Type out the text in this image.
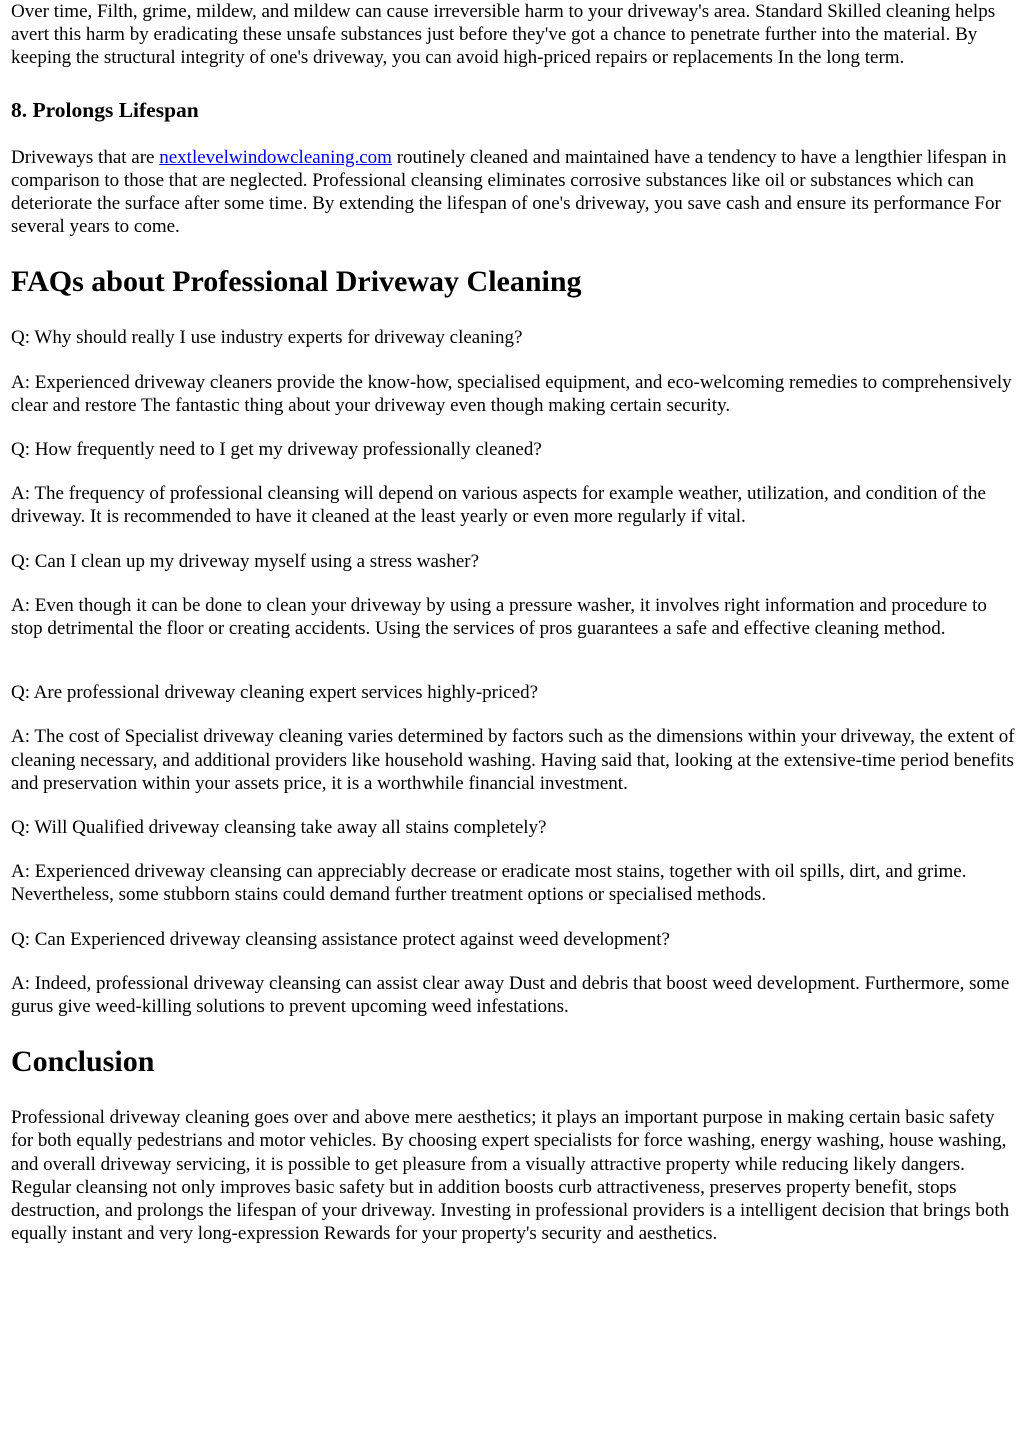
Over time, Filth, grime, mildew, and mildew can cause irreversible harm to your driveway's area. Standard Skilled cleaning helps avert this harm by eradicating these unsafe substances just before they've got a chance to penetrate further into the material. By keeping the structural integrity of one's driveway, you can avoid high-priced repairs or replacements In the long term.

8. Prolongs Lifespan

Driveways that are nextlevelwindowcleaning.com routinely cleaned and maintained have a tendency to have a lengthier lifespan in comparison to those that are neglected. Professional cleansing eliminates corrosive substances like oil or substances which can deteriorate the surface after some time. By extending the lifespan of one's driveway, you save cash and ensure its performance For several years to come.

FAQs about Professional Driveway Cleaning

Q: Why should really I use industry experts for driveway cleaning?

A: Experienced driveway cleaners provide the know-how, specialised equipment, and eco-welcoming remedies to comprehensively clear and restore The fantastic thing about your driveway even though making certain security.

Q: How frequently need to I get my driveway professionally cleaned?

A: The frequency of professional cleansing will depend on various aspects for example weather, utilization, and condition of the driveway. It is recommended to have it cleaned at the least yearly or even more regularly if vital.

Q: Can I clean up my driveway myself using a stress washer?

A: Even though it can be done to clean your driveway by using a pressure washer, it involves right information and procedure to stop detrimental the floor or creating accidents. Using the services of pros guarantees a safe and effective cleaning method.

Q: Are professional driveway cleaning expert services highly-priced?

A: The cost of Specialist driveway cleaning varies determined by factors such as the dimensions within your driveway, the extent of cleaning necessary, and additional providers like household washing. Having said that, looking at the extensive-time period benefits and preservation within your assets price, it is a worthwhile financial investment.

Q: Will Qualified driveway cleansing take away all stains completely?

A: Experienced driveway cleansing can appreciably decrease or eradicate most stains, together with oil spills, dirt, and grime. Nevertheless, some stubborn stains could demand further treatment options or specialised methods.

Q: Can Experienced driveway cleansing assistance protect against weed development?

A: Indeed, professional driveway cleansing can assist clear away Dust and debris that boost weed development. Furthermore, some gurus give weed-killing solutions to prevent upcoming weed infestations.

Conclusion

Professional driveway cleaning goes over and above mere aesthetics; it plays an important purpose in making certain basic safety for both equally pedestrians and motor vehicles. By choosing expert specialists for force washing, energy washing, house washing, and overall driveway servicing, it is possible to get pleasure from a visually attractive property while reducing likely dangers. Regular cleansing not only improves basic safety but in addition boosts curb attractiveness, preserves property benefit, stops destruction, and prolongs the lifespan of your driveway. Investing in professional providers is a intelligent decision that brings both equally instant and very long-expression Rewards for your property's security and aesthetics.
